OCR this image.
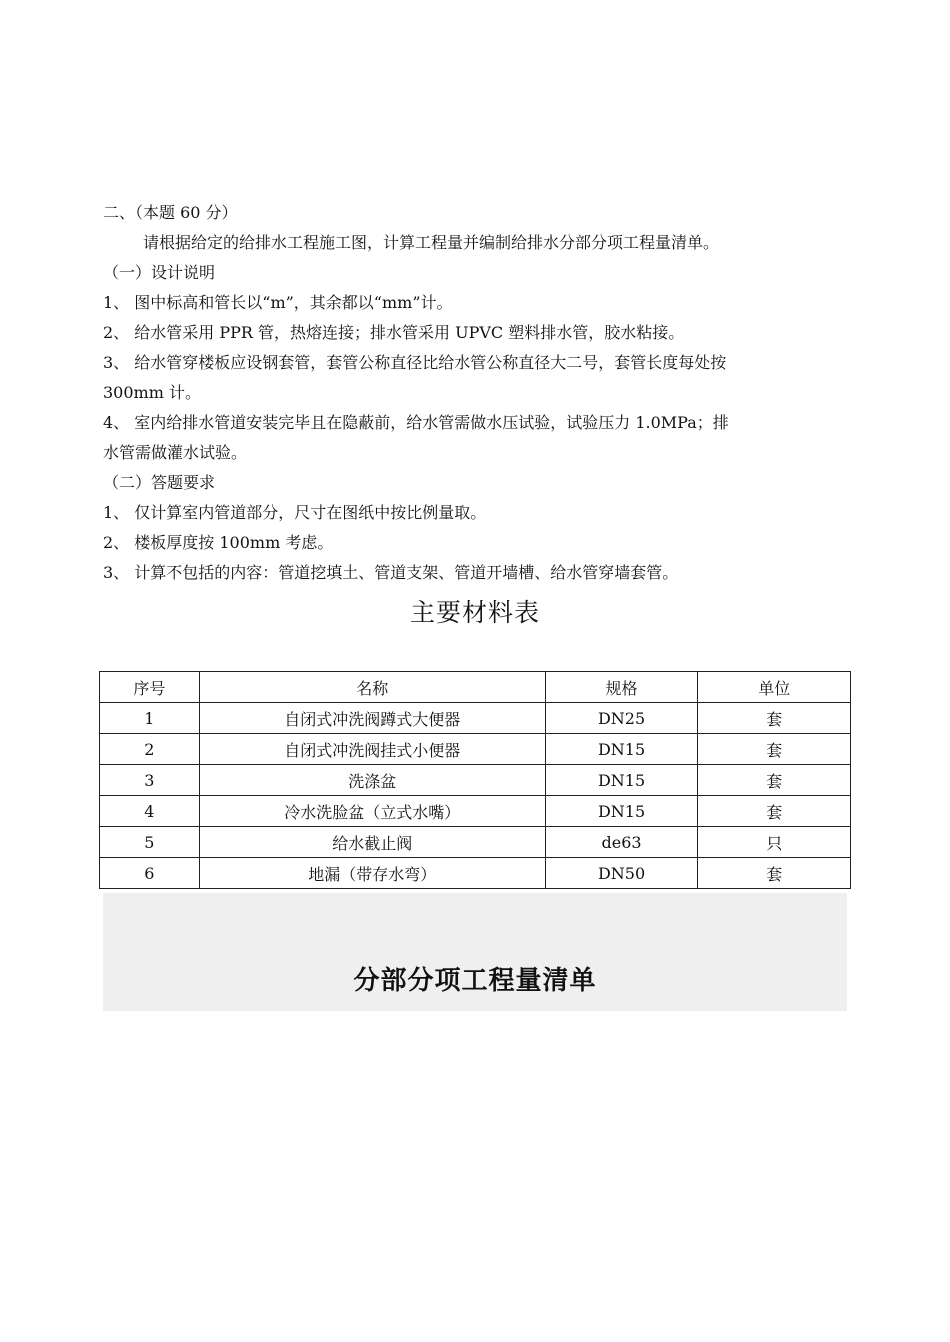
二、（本题 60 分）
请根据给定的给排水工程施工图，计算工程量并编制给排水分部分项工程量清单。
（一）设计说明
1、 图中标高和管长以“m”，其余都以“mm”计。
2、 给水管采用 PPR 管，热熔连接；排水管采用 UPVC 塑料排水管，胶水粘接。
3、 给水管穿楼板应设钢套管，套管公称直径比给水管公称直径大二号，套管长度每处按
300mm 计。
4、 室内给排水管道安装完毕且在隐蔽前，给水管需做水压试验，试验压力 1.0MPa；排
水管需做灌水试验。
（二）答题要求
1、 仅计算室内管道部分，尺寸在图纸中按比例量取。
2、 楼板厚度按 100mm 考虑。
3、 计算不包括的内容：管道挖填土、管道支架、管道开墙槽、给水管穿墙套管。
主要材料表
序号	名称	规格	单位
1	自闭式冲洗阀蹲式大便器	DN25	套
2	自闭式冲洗阀挂式小便器	DN15	套
3	洗涤盆	DN15	套
4	冷水洗脸盆（立式水嘴）	DN15	套
5	给水截止阀	de63	只
6	地漏（带存水弯）	DN50	套
分部分项工程量清单
